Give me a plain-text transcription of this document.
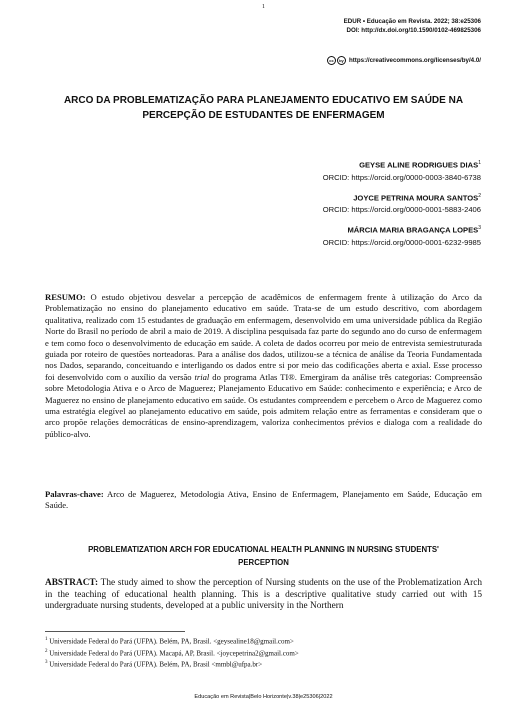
1
EDUR • Educação em Revista. 2022; 38:e25306
DOI: http://dx.doi.org/10.1590/0102-469825306
cc	by https://creativecommons.org/licenses/by/4.0/
ARCO DA PROBLEMATIZAÇÃO PARA PLANEJAMENTO EDUCATIVO EM SAÚDE NA
PERCEPÇÃO DE ESTUDANTES DE ENFERMAGEM
GEYSE ALINE RODRIGUES DIAS$^1$
ORCID: https://orcid.org/0000-0003-3840-6738
JOYCE PETRINA MOURA SANTOS$^2$
ORCID: https://orcid.org/0000-0001-5883-2406
MÁRCIA MARIA BRAGANÇA LOPES$^3$
ORCID: https://orcid.org/0000-0001-6232-9985
RESUMO: O estudo objetivou desvelar a percepção de acadêmicos de enfermagem frente à utilização do Arco da Problematização no ensino do planejamento educativo em saúde. Trata-se de um estudo descritivo, com abordagem qualitativa, realizado com 15 estudantes de graduação em enfermagem, desenvolvido em uma universidade pública da Região Norte do Brasil no período de abril a maio de 2019. A disciplina pesquisada faz parte do segundo ano do curso de enfermagem e tem como foco o desenvolvimento de educação em saúde. A coleta de dados ocorreu por meio de entrevista semiestruturada guiada por roteiro de questões norteadoras. Para a análise dos dados, utilizou-se a técnica de análise da Teoria Fundamentada nos Dados, separando, conceituando e interligando os dados entre si por meio das codificações aberta e axial. Esse processo foi desenvolvido com o auxílio da versão trial do programa Atlas TI®. Emergiram da análise três categorias: Compreensão sobre Metodologia Ativa e o Arco de Maguerez; Planejamento Educativo em Saúde: conhecimento e experiência; e Arco de Maguerez no ensino de planejamento educativo em saúde. Os estudantes compreendem e percebem o Arco de Maguerez como uma estratégia elegível ao planejamento educativo em saúde, pois admitem relação entre as ferramentas e consideram que o arco propõe relações democráticas de ensino-aprendizagem, valoriza conhecimentos prévios e dialoga com a realidade do público-alvo.
Palavras-chave: Arco de Maguerez, Metodologia Ativa, Ensino de Enfermagem, Planejamento em Saúde, Educação em Saúde.
PROBLEMATIZATION ARCH FOR EDUCATIONAL HEALTH PLANNING IN NURSING STUDENTS'
PERCEPTION
ABSTRACT: The study aimed to show the perception of Nursing students on the use of the Problematization Arch in the teaching of educational health planning. This is a descriptive qualitative study carried out with 15 undergraduate nursing students, developed at a public university in the Northern
$^1$ Universidade Federal do Pará (UFPA). Belém, PA, Brasil. <geysealine18@gmail.com>
$^2$ Universidade Federal do Pará (UFPA). Macapá, AP, Brasil. <joycepetrina2@gmail.com>
$^3$ Universidade Federal do Pará (UFPA). Belém, PA, Brasil <mmbl@ufpa.br>
Educação em Revista|Belo Horizonte|v.38|e25306|2022
